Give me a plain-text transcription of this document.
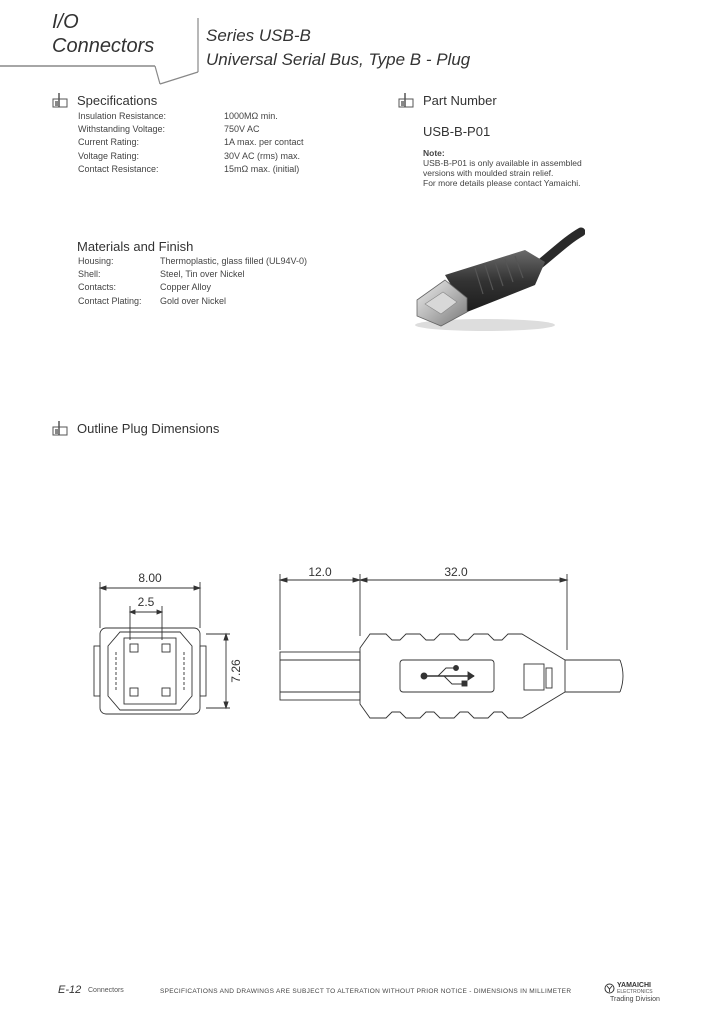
I/O
Connectors	Series USB-B
Universal Serial Bus, Type B - Plug
Specifications
Insulation Resistance:	1000MΩ min.
Withstanding Voltage:	750V AC
Current Rating:	1A max. per contact
Voltage Rating:	30V AC (rms) max.
Contact Resistance:	15mΩ max. (initial)
Materials and Finish
Housing:	Thermoplastic, glass filled (UL94V-0)
Shell:	Steel, Tin over Nickel
Contacts:	Copper Alloy
Contact Plating: Gold over Nickel
Part Number
USB-B-P01
Note:
USB-B-P01 is only available in assembled
versions with moulded strain relief.
For more details please contact Yamaichi.
Outline Plug Dimensions
8.00
2.5
7.26
12.0	32.0
E-12 Connectors	SPECIFICATIONS AND DRAWINGS ARE SUBJECT TO ALTERATION WITHOUT PRIOR NOTICE - DIMENSIONS IN MILLIMETER
YAMAICHI
ELECTRONICS
Trading Division
